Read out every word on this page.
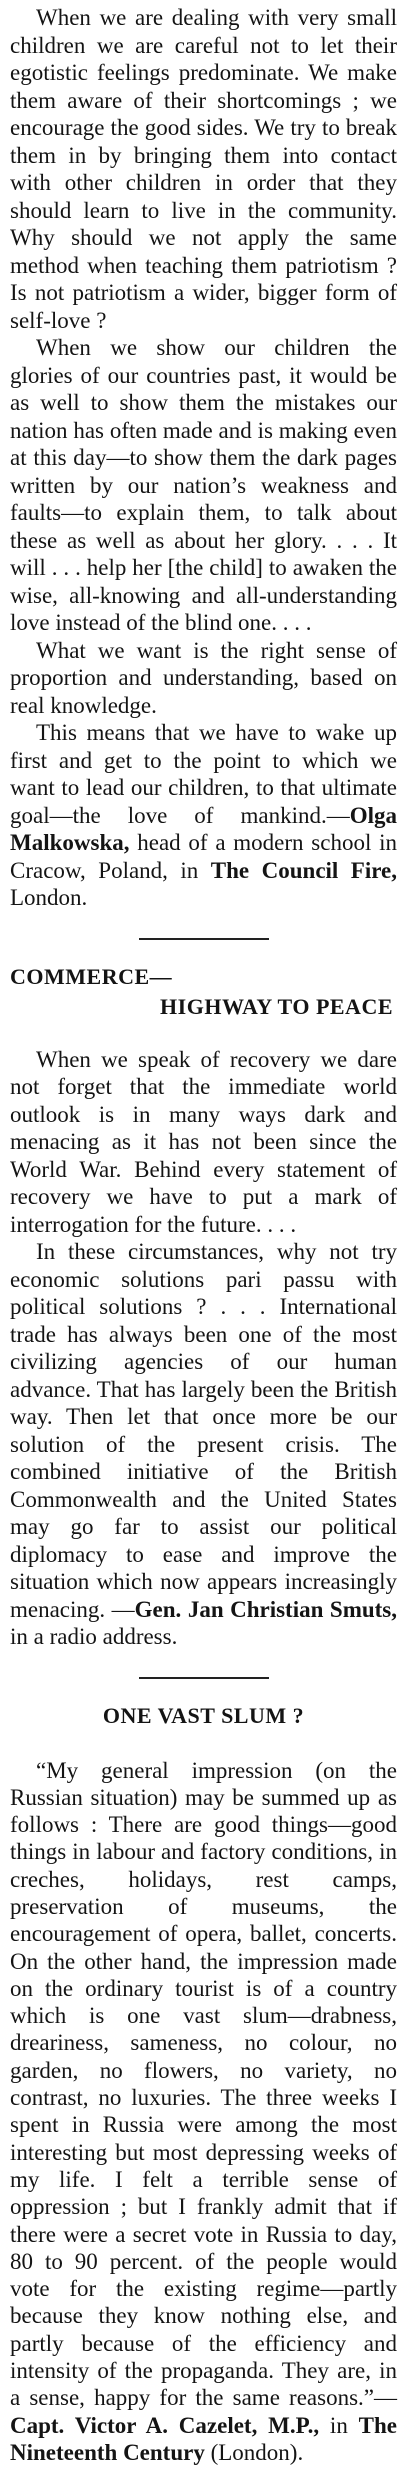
When we are dealing with very small children we are careful not to let their egotistic feelings predominate. We make them aware of their shortcomings ; we encourage the good sides. We try to break them in by bringing them into contact with other children in order that they should learn to live in the community. Why should we not apply the same method when teaching them patriotism ? Is not patriotism a wider, bigger form of self-love ?

When we show our children the glories of our countries past, it would be as well to show them the mistakes our nation has often made and is making even at this day—to show them the dark pages written by our nation’s weakness and faults—to explain them, to talk about these as well as about her glory. . . . It will . . . help her [the child] to awaken the wise, all-knowing and all-understanding love instead of the blind one. . . .

What we want is the right sense of proportion and understanding, based on real knowledge.

This means that we have to wake up first and get to the point to which we want to lead our children, to that ultimate goal—the love of mankind.—Olga Malkowska, head of a modern school in Cracow, Poland, in The Council Fire, London.

COMMERCE—
HIGHWAY TO PEACE

When we speak of recovery we dare not forget that the immediate world outlook is in many ways dark and menacing as it has not been since the World War. Behind every statement of recovery we have to put a mark of interrogation for the future. . . .

In these circumstances, why not try economic solutions pari passu with political solutions ? . . . International trade has always been one of the most civilizing agencies of our human advance. That has largely been the British way. Then let that once more be our solution of the present crisis. The combined initiative of the British Commonwealth and the United States may go far to assist our political diplomacy to ease and improve the situation which now appears increasingly menacing. —Gen. Jan Christian Smuts, in a radio address.

ONE VAST SLUM ?

“My general impression (on the Russian situation) may be summed up as follows : There are good things—good things in labour and factory conditions, in creches, holidays, rest camps, preservation of museums, the encouragement of opera, ballet, concerts. On the other hand, the impression made on the ordinary tourist is of a country which is one vast slum—drabness, dreariness, sameness, no colour, no garden, no flowers, no variety, no contrast, no luxuries. The three weeks I spent in Russia were among the most interesting but most depressing weeks of my life. I felt a terrible sense of oppression ; but I frankly admit that if there were a secret vote in Russia to day, 80 to 90 percent. of the people would vote for the existing regime—partly because they know nothing else, and partly because of the efficiency and intensity of the propaganda. They are, in a sense, happy for the same reasons.”—Capt. Victor A. Cazelet, M.P., in The Nineteenth Century (London).
